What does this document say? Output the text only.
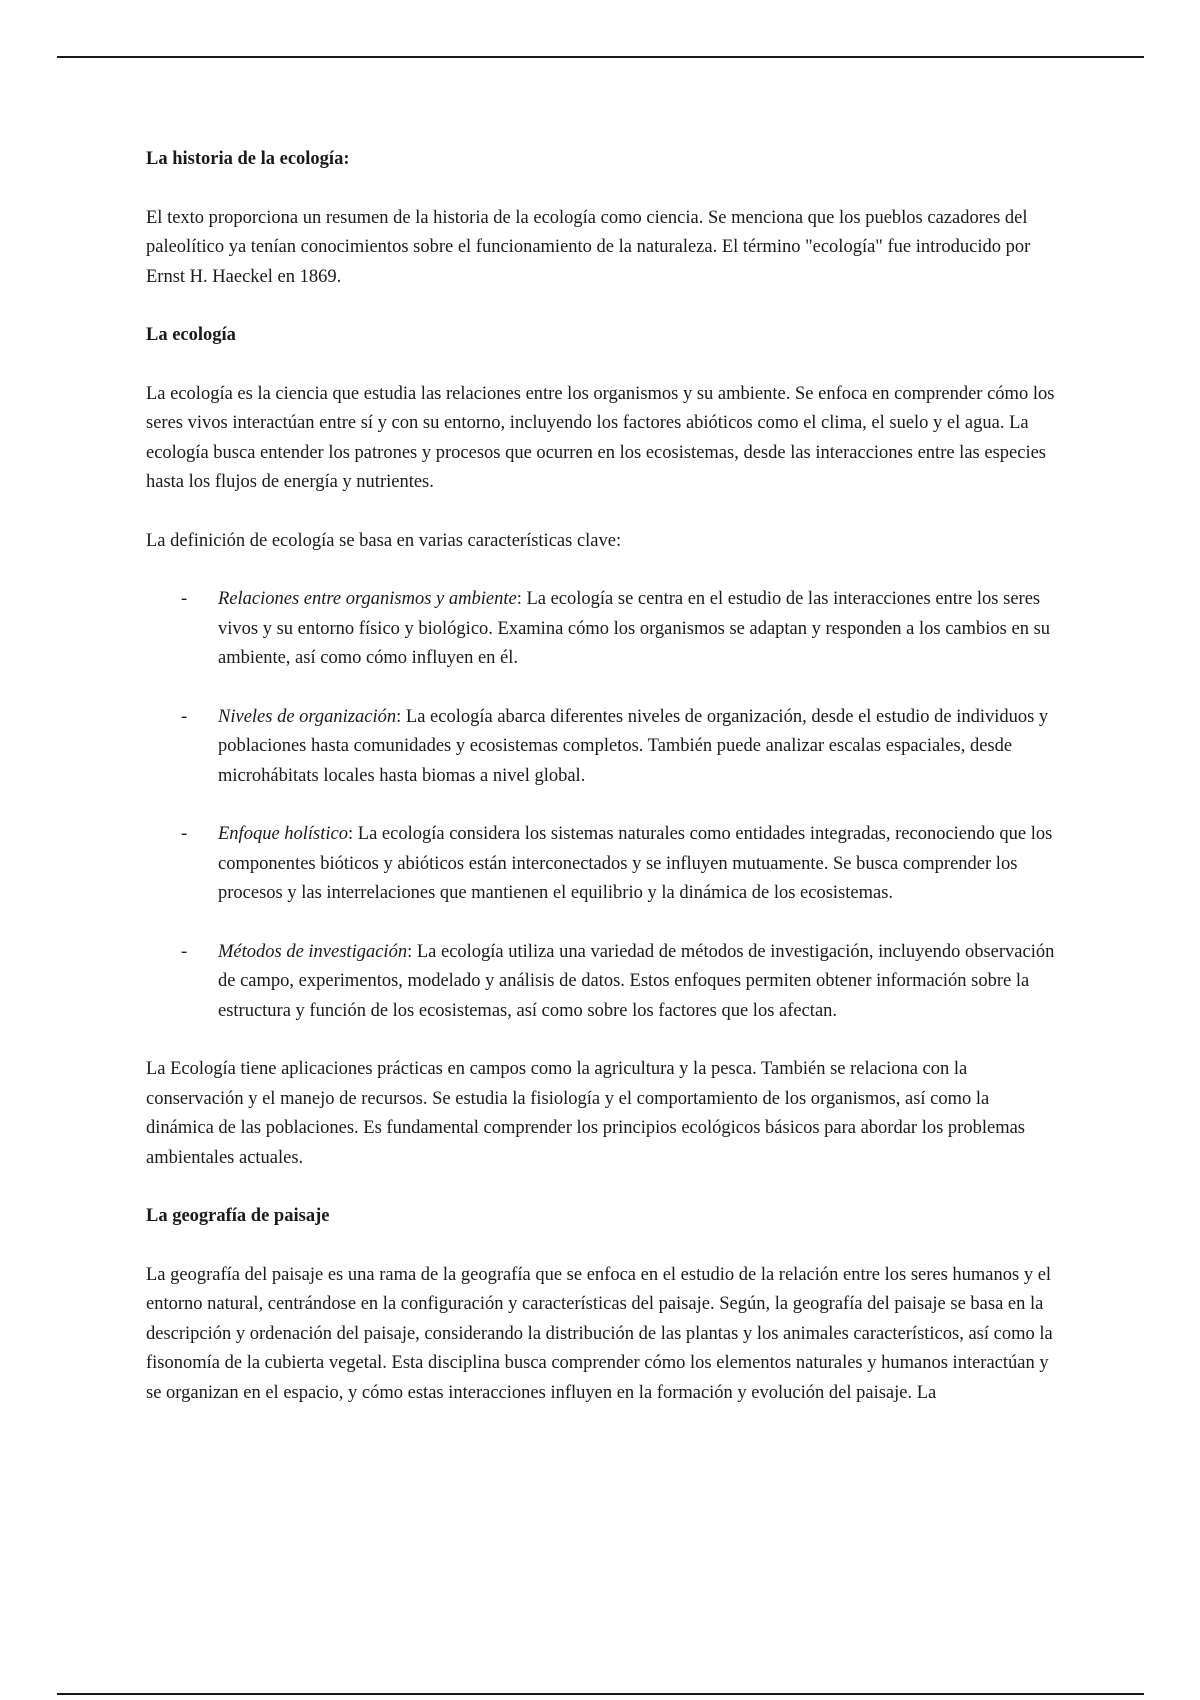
La historia de la ecología:

El texto proporciona un resumen de la historia de la ecología como ciencia. Se menciona que los pueblos cazadores del paleolítico ya tenían conocimientos sobre el funcionamiento de la naturaleza. El término "ecología" fue introducido por Ernst H. Haeckel en 1869.

La ecología

La ecología es la ciencia que estudia las relaciones entre los organismos y su ambiente. Se enfoca en comprender cómo los seres vivos interactúan entre sí y con su entorno, incluyendo los factores abióticos como el clima, el suelo y el agua. La ecología busca entender los patrones y procesos que ocurren en los ecosistemas, desde las interacciones entre las especies hasta los flujos de energía y nutrientes.

La definición de ecología se basa en varias características clave:

- Relaciones entre organismos y ambiente: La ecología se centra en el estudio de las interacciones entre los seres vivos y su entorno físico y biológico. Examina cómo los organismos se adaptan y responden a los cambios en su ambiente, así como cómo influyen en él.
- Niveles de organización: La ecología abarca diferentes niveles de organización, desde el estudio de individuos y poblaciones hasta comunidades y ecosistemas completos. También puede analizar escalas espaciales, desde microhábitats locales hasta biomas a nivel global.
- Enfoque holístico: La ecología considera los sistemas naturales como entidades integradas, reconociendo que los componentes bióticos y abióticos están interconectados y se influyen mutuamente. Se busca comprender los procesos y las interrelaciones que mantienen el equilibrio y la dinámica de los ecosistemas.
- Métodos de investigación: La ecología utiliza una variedad de métodos de investigación, incluyendo observación de campo, experimentos, modelado y análisis de datos. Estos enfoques permiten obtener información sobre la estructura y función de los ecosistemas, así como sobre los factores que los afectan.

La Ecología tiene aplicaciones prácticas en campos como la agricultura y la pesca. También se relaciona con la conservación y el manejo de recursos. Se estudia la fisiología y el comportamiento de los organismos, así como la dinámica de las poblaciones. Es fundamental comprender los principios ecológicos básicos para abordar los problemas ambientales actuales.

La geografía de paisaje

La geografía del paisaje es una rama de la geografía que se enfoca en el estudio de la relación entre los seres humanos y el entorno natural, centrándose en la configuración y características del paisaje. Según, la geografía del paisaje se basa en la descripción y ordenación del paisaje, considerando la distribución de las plantas y los animales característicos, así como la fisonomía de la cubierta vegetal. Esta disciplina busca comprender cómo los elementos naturales y humanos interactúan y se organizan en el espacio, y cómo estas interacciones influyen en la formación y evolución del paisaje. La
